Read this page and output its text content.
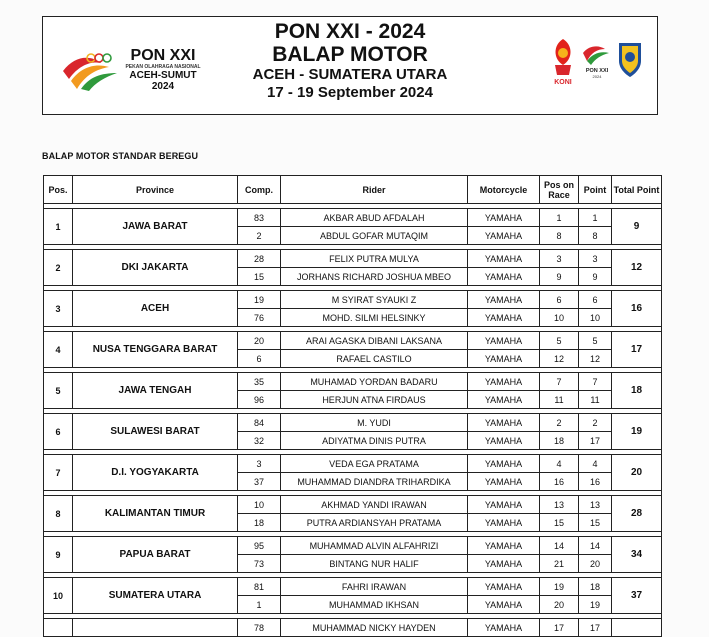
PON XXI
PEKAN OLAHRAGA NASIONAL
ACEH-SUMUT
2024
PON XXI - 2024
BALAP MOTOR
ACEH - SUMATERA UTARA
17 - 19 September 2024
KONI
PON XXI
2024
BALAP MOTOR STANDAR BEREGU
Pos.	Province	Comp.	Rider	Motorcycle	Pos on Race	Point	Total Point

1	JAWA BARAT	83	AKBAR ABUD AFDALAH	YAMAHA	1	1	9
		2	ABDUL GOFAR MUTAQIM	YAMAHA	8	8	

2	DKI JAKARTA	28	FELIX PUTRA MULYA	YAMAHA	3	3	12
		15	JORHANS RICHARD JOSHUA MBEO	YAMAHA	9	9	

3	ACEH	19	M SYIRAT SYAUKI Z	YAMAHA	6	6	16
		76	MOHD. SILMI HELSINKY	YAMAHA	10	10	

4	NUSA TENGGARA BARAT	20	ARAI AGASKA DIBANI LAKSANA	YAMAHA	5	5	17
		6	RAFAEL CASTILO	YAMAHA	12	12	

5	JAWA TENGAH	35	MUHAMAD YORDAN BADARU	YAMAHA	7	7	18
		96	HERJUN ATNA FIRDAUS	YAMAHA	11	11	

6	SULAWESI BARAT	84	M. YUDI	YAMAHA	2	2	19
		32	ADIYATMA DINIS PUTRA	YAMAHA	18	17	

7	D.I. YOGYAKARTA	3	VEDA EGA PRATAMA	YAMAHA	4	4	20
		37	MUHAMMAD DIANDRA TRIHARDIKA	YAMAHA	16	16	

8	KALIMANTAN TIMUR	10	AKHMAD YANDI IRAWAN	YAMAHA	13	13	28
		18	PUTRA ARDIANSYAH PRATAMA	YAMAHA	15	15	

9	PAPUA BARAT	95	MUHAMMAD ALVIN ALFAHRIZI	YAMAHA	14	14	34
		73	BINTANG NUR HALIF	YAMAHA	21	20	

10	SUMATERA UTARA	81	FAHRI IRAWAN	YAMAHA	19	18	37
		1	MUHAMMAD IKHSAN	YAMAHA	20	19	

		78	MUHAMMAD NICKY HAYDEN	YAMAHA	17	17	
